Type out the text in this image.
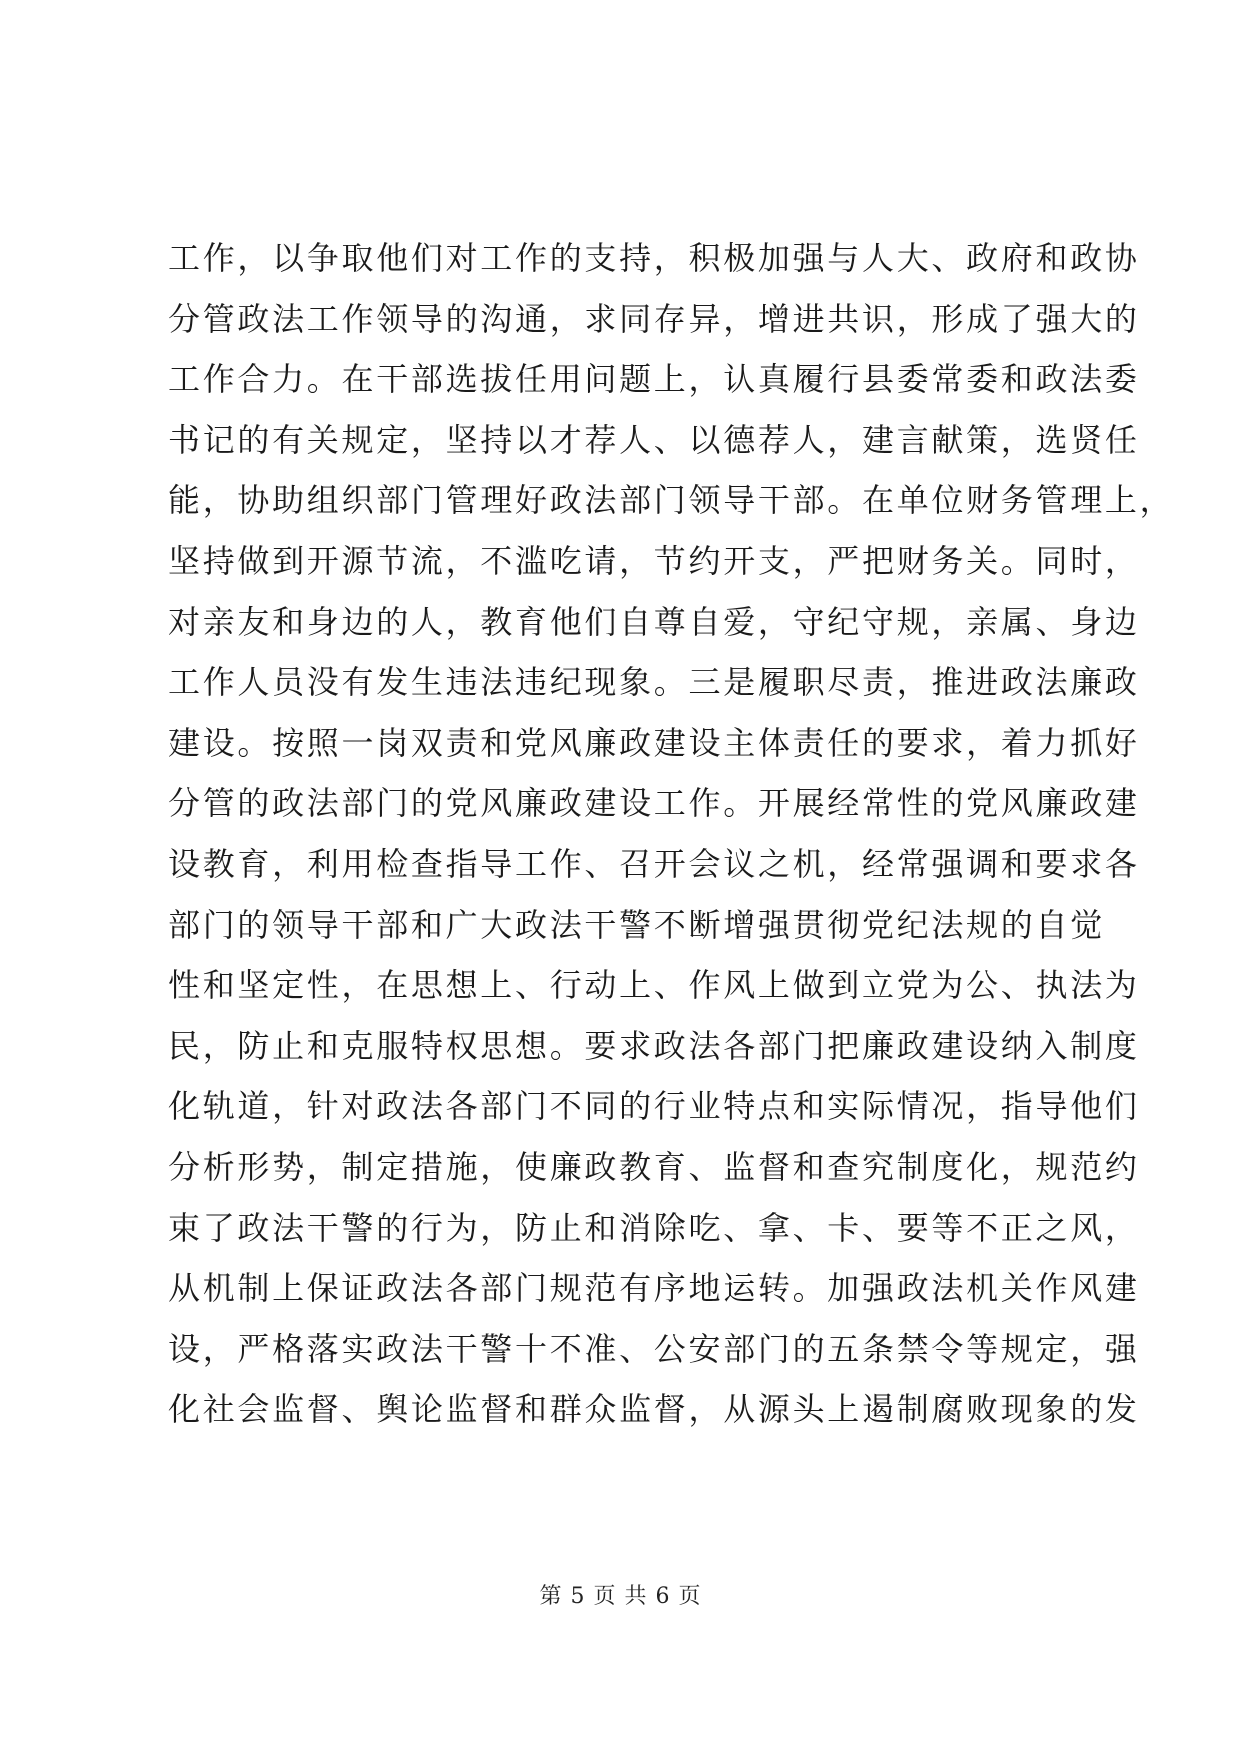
工作，以争取他们对工作的支持，积极加强与人大、政府和政协
分管政法工作领导的沟通，求同存异，增进共识，形成了强大的
工作合力。在干部选拔任用问题上，认真履行县委常委和政法委
书记的有关规定，坚持以才荐人、以德荐人，建言献策，选贤任
能，协助组织部门管理好政法部门领导干部。在单位财务管理上，
坚持做到开源节流，不滥吃请，节约开支，严把财务关。同时，
对亲友和身边的人，教育他们自尊自爱，守纪守规，亲属、身边
工作人员没有发生违法违纪现象。三是履职尽责，推进政法廉政
建设。按照一岗双责和党风廉政建设主体责任的要求，着力抓好
分管的政法部门的党风廉政建设工作。开展经常性的党风廉政建
设教育，利用检查指导工作、召开会议之机，经常强调和要求各
部门的领导干部和广大政法干警不断增强贯彻党纪法规的自觉
性和坚定性，在思想上、行动上、作风上做到立党为公、执法为
民，防止和克服特权思想。要求政法各部门把廉政建设纳入制度
化轨道，针对政法各部门不同的行业特点和实际情况，指导他们
分析形势，制定措施，使廉政教育、监督和查究制度化，规范约
束了政法干警的行为，防止和消除吃、拿、卡、要等不正之风，
从机制上保证政法各部门规范有序地运转。加强政法机关作风建
设，严格落实政法干警十不准、公安部门的五条禁令等规定，强
化社会监督、舆论监督和群众监督，从源头上遏制腐败现象的发
第 5 页 共 6 页
